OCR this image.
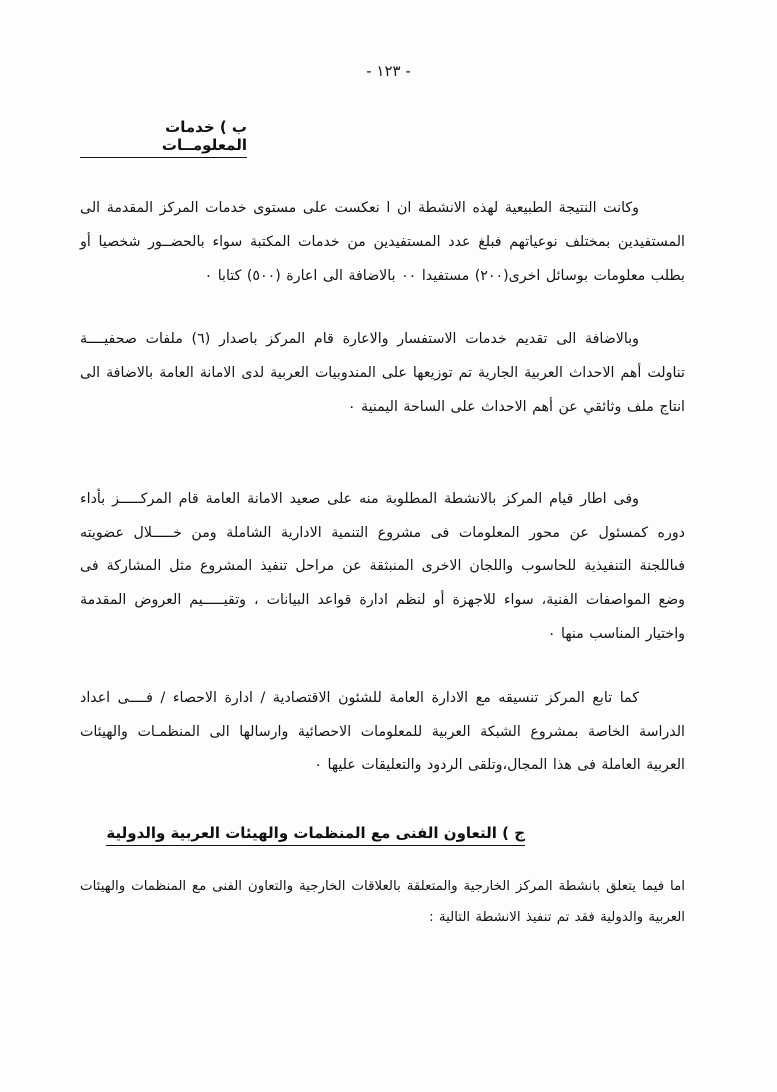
- ١٢٣ -
ب ) خدمات المعلومــات

وكانت النتيجة الطبيعية لهذه الانشطة ان ا نعكست على مستوى خدمات المركز المقدمة الى المستفيدين بمختلف نوعياتهم فبلغ عدد المستفيدين من خدمات المكتبة سواء بالحضــور شخصيا أو بطلب معلومات بوسائل اخرى(٢٠٠) مستفيدا ٠٠ بالاضافة الى اعارة (٥٠٠) كتابا ٠

وبالاضافة الى تقديم خدمات الاستفسار والاعارة قام المركز باصدار (٦) ملفات صحفيــــة تناولت أهم الاحداث العربية الجارية تم توزيعها على المندوبيات العربية لدى الامانة العامة بالاضافة الى انتاج ملف وثائقي عن أهم الاحداث على الساحة اليمنية ٠

وفى اطار قيام المركز بالانشطة المطلوبة منه على صعيد الامانة العامة قام المركـــــز بأداء دوره كمسئول عن محور المعلومات فى مشروع التنمية الادارية الشاملة ومن خـــــلال عضويته فىاللجنة التنفيذية للحاسوب واللجان الاخرى المنبثقة عن مراحل تنفيذ المشروع مثل المشاركة فى وضع المواصفات الفنية، سواء للاجهزة أو لنظم ادارة قواعد البيانات ، وتقيـــــيم العروض المقدمة واختيار المناسب منها ٠

كما تابع المركز تنسيقه مع الادارة العامة للشئون الاقتصادية / ادارة الاحصاء / فــــى اعداد الدراسة الخاصة بمشروع الشبكة العربية للمعلومات الاحصائية وارسالها الى المنظمـات والهيئات العربية العاملة فى هذا المجال،وتلقى الردود والتعليقات عليها ٠

ج ) التعاون الفنى مع المنظمات والهيئات العربية والدولية

اما فيما يتعلق بانشطة المركز الخارجية والمتعلقة بالعلاقات الخارجية والتعاون الفنى مع المنظمات والهيئات العربية والدولية فقد تم تنفيذ الانشطة التالية :
